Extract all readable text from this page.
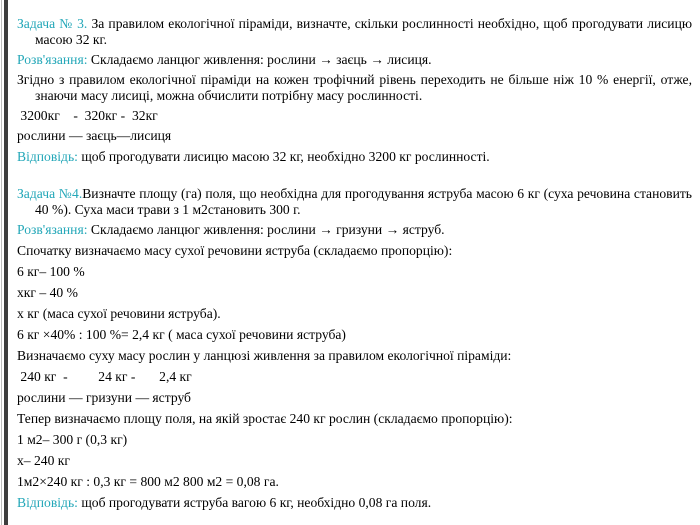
Задача № 3. За правилом екологічної піраміди, визначте, скільки рослинності необхідно, щоб прогодувати лисицю масою 32 кг.

Розв'язання: Складаємо ланцюг живлення: рослини → заєць → лисиця.

Згідно з правилом екологічної піраміди на кожен трофічний рівень переходить не більше ніж 10 % енергії, отже, знаючи масу лисиці, можна обчислити потрібну масу рослинності.

3200кг    -  320кг -  32кг

рослини — заєць—лисиця

Відповідь: щоб прогодувати лисицю масою 32 кг, необхідно 3200 кг рослинності.

Задача №4.Визначте площу (га) поля, що необхідна для прогодування яструба масою 6 кг (суха речовина становить 40 %). Суха маси трави з 1 м2становить 300 г.

Розв'язання: Складаємо ланцюг живлення: рослини → гризуни → яструб.

Спочатку визначаємо масу сухої речовини яструба (складаємо пропорцію):

6 кг– 100 %

хкг – 40 %

х кг (маса сухої речовини яструба).

6 кг ×40% : 100 %= 2,4 кг ( маса сухої речовини яструба)

Визначаємо суху масу рослин у ланцюзі живлення за правилом екологічної піраміди:

240 кг  -         24 кг -       2,4 кг

рослини — гризуни — яструб

Тепер визначаємо площу поля, на якій зростає 240 кг рослин (складаємо пропорцію):

1 м2– 300 г (0,3 кг)

х– 240 кг

1м2×240 кг : 0,3 кг = 800 м2 800 м2 = 0,08 га.

Відповідь: щоб прогодувати яструба вагою 6 кг, необхідно 0,08 га поля.
